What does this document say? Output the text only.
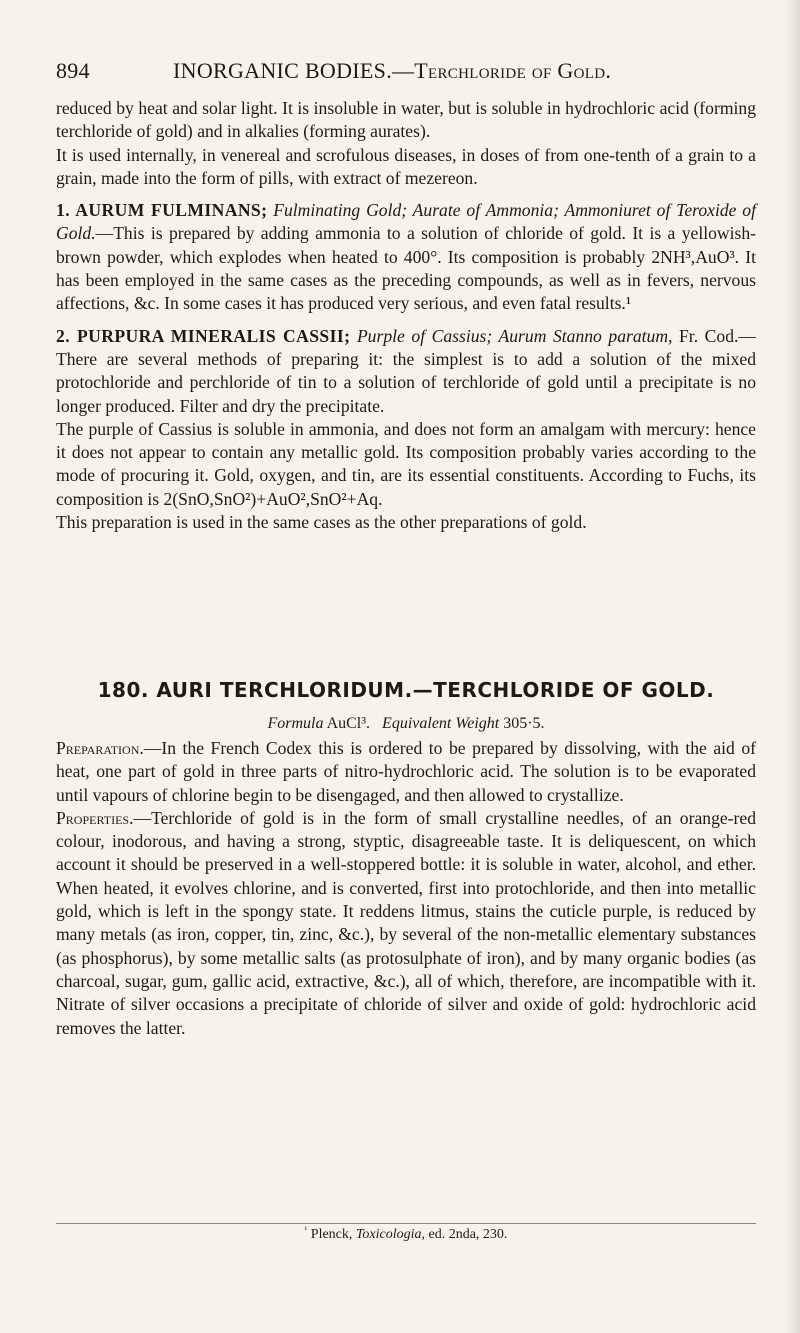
894	INORGANIC BODIES.—Terchloride of Gold.

reduced by heat and solar light. It is insoluble in water, but is soluble in hydrochloric acid (forming terchloride of gold) and in alkalies (forming aurates).

It is used internally, in venereal and scrofulous diseases, in doses of from one-tenth of a grain to a grain, made into the form of pills, with extract of mezereon.

1. AURUM FULMINANS; Fulminating Gold; Aurate of Ammonia; Ammoniuret of Teroxide of Gold.—This is prepared by adding ammonia to a solution of chloride of gold. It is a yellowish-brown powder, which explodes when heated to 400°. Its composition is probably 2NH³,AuO³. It has been employed in the same cases as the preceding compounds, as well as in fevers, nervous affections, &c. In some cases it has produced very serious, and even fatal results.¹

2. PURPURA MINERALIS CASSII; Purple of Cassius; Aurum Stanno paratum, Fr. Cod.—There are several methods of preparing it: the simplest is to add a solution of the mixed protochloride and perchloride of tin to a solution of terchloride of gold until a precipitate is no longer produced. Filter and dry the precipitate.

The purple of Cassius is soluble in ammonia, and does not form an amalgam with mercury: hence it does not appear to contain any metallic gold. Its composition probably varies according to the mode of procuring it. Gold, oxygen, and tin, are its essential constituents. According to Fuchs, its composition is 2(SnO,SnO²)+AuO²,SnO²+Aq.

This preparation is used in the same cases as the other preparations of gold.

180. AURI TERCHLORIDUM.—TERCHLORIDE OF GOLD.
Formula AuCl³. Equivalent Weight 305·5.

Preparation.—In the French Codex this is ordered to be prepared by dissolving, with the aid of heat, one part of gold in three parts of nitro-hydrochloric acid. The solution is to be evaporated until vapours of chlorine begin to be disengaged, and then allowed to crystallize.

Properties.—Terchloride of gold is in the form of small crystalline needles, of an orange-red colour, inodorous, and having a strong, styptic, disagreeable taste. It is deliquescent, on which account it should be preserved in a well-stoppered bottle: it is soluble in water, alcohol, and ether. When heated, it evolves chlorine, and is converted, first into protochloride, and then into metallic gold, which is left in the spongy state. It reddens litmus, stains the cuticle purple, is reduced by many metals (as iron, copper, tin, zinc, &c.), by several of the non-metallic elementary substances (as phosphorus), by some metallic salts (as protosulphate of iron), and by many organic bodies (as charcoal, sugar, gum, gallic acid, extractive, &c.), all of which, therefore, are incompatible with it. Nitrate of silver occasions a precipitate of chloride of silver and oxide of gold: hydrochloric acid removes the latter.

$^{^1}$ Plenck, Toxicologia, ed. 2nda, 230.
